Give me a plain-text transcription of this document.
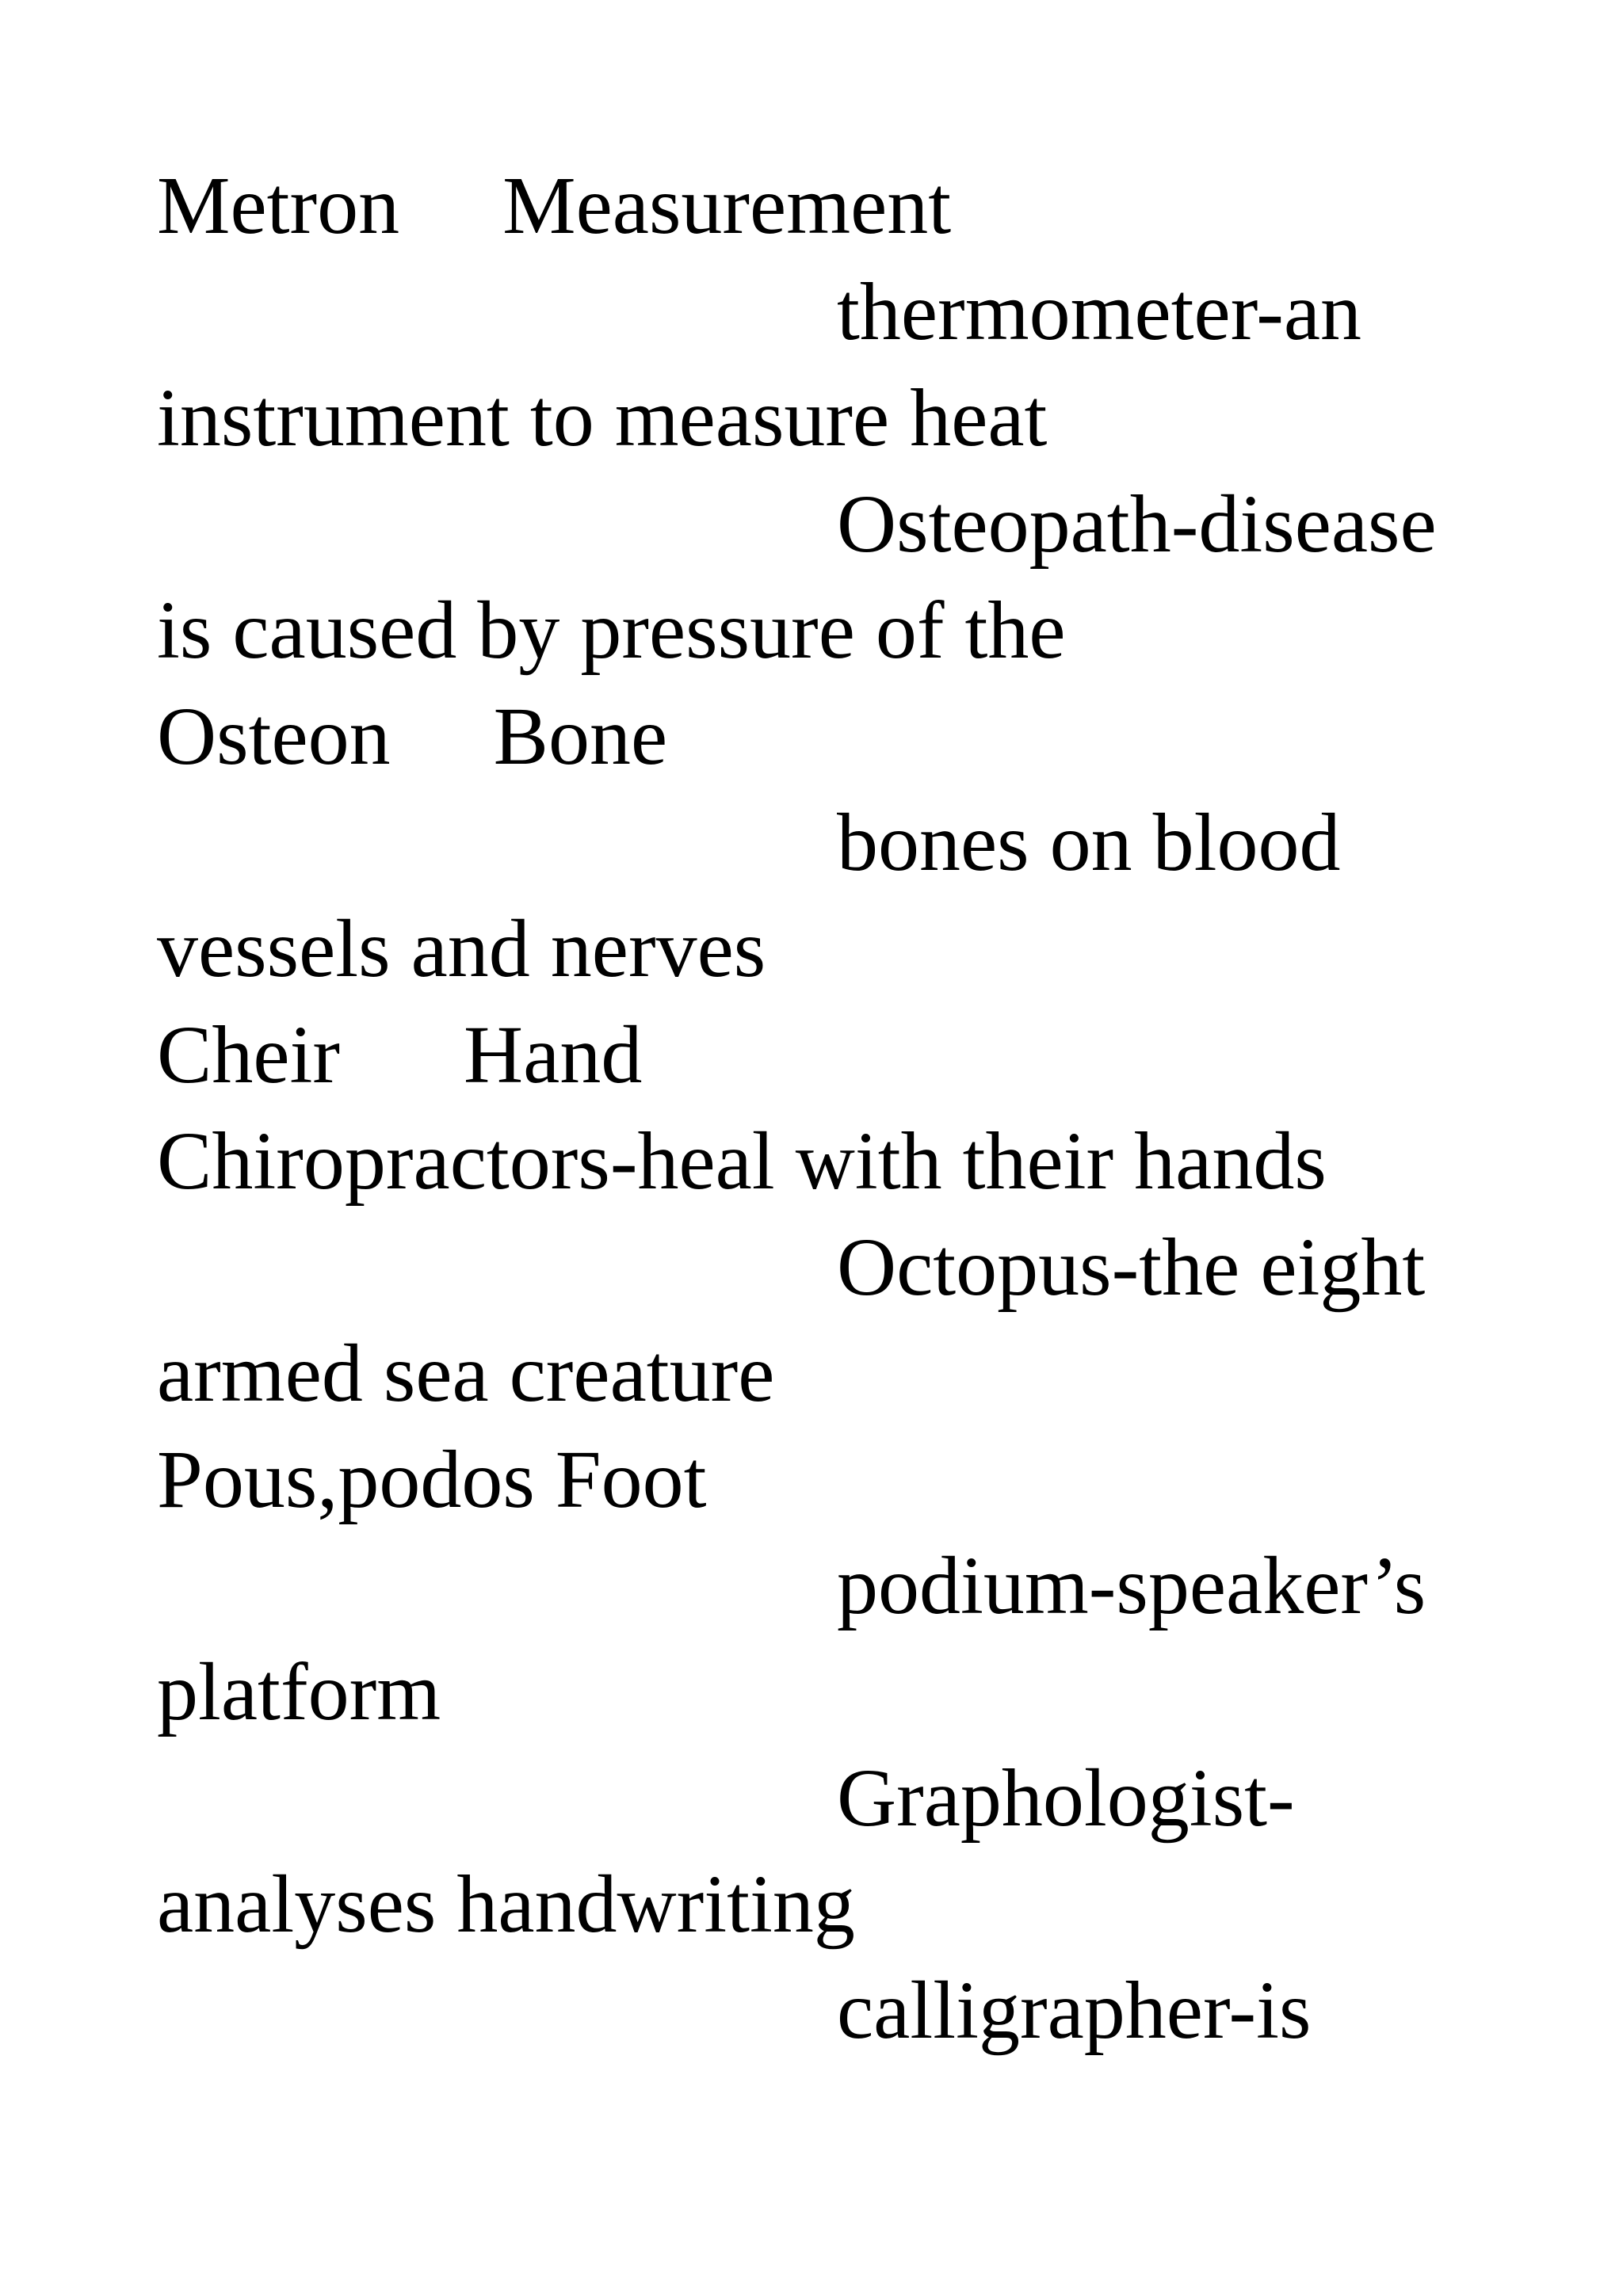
Metron     Measurement

thermometer-an

instrument to measure heat

Osteopath-disease

is caused by pressure of the

Osteon     Bone

bones on blood

vessels and nerves

Cheir      Hand

Chiropractors-heal with their hands

Octopus-the eight

armed sea creature

Pous,podos Foot

podium-speaker’s

platform

Graphologist-

analyses handwriting

calligrapher-is
